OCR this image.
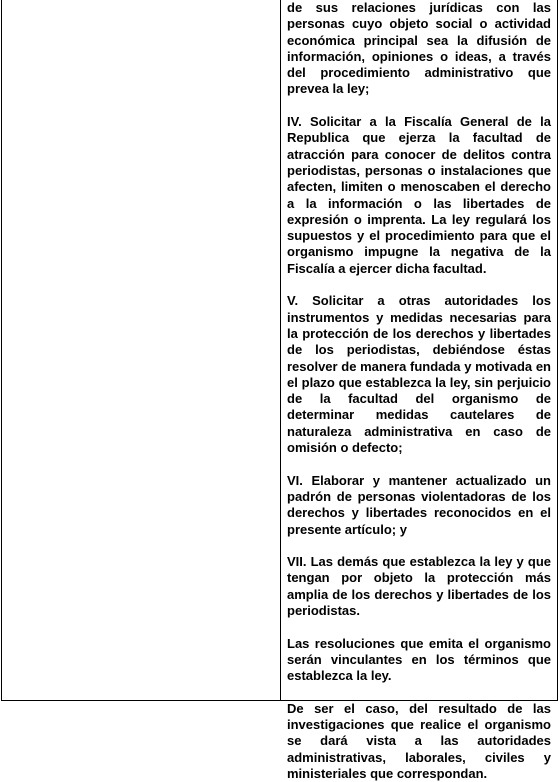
de sus relaciones jurídicas con las personas cuyo objeto social o actividad económica principal sea la difusión de información, opiniones o ideas, a través del procedimiento administrativo que prevea la ley;

IV. Solicitar a la Fiscalía General de la Republica que ejerza la facultad de atracción para conocer de delitos contra periodistas, personas o instalaciones que afecten, limiten o menoscaben el derecho a la información o las libertades de expresión o imprenta. La ley regulará los supuestos y el procedimiento para que el organismo impugne la negativa de la Fiscalía a ejercer dicha facultad.

V. Solicitar a otras autoridades los instrumentos y medidas necesarias para la protección de los derechos y libertades de los periodistas, debiéndose éstas resolver de manera fundada y motivada en el plazo que establezca la ley, sin perjuicio de la facultad del organismo de determinar medidas cautelares de naturaleza administrativa en caso de omisión o defecto;

VI. Elaborar y mantener actualizado un padrón de personas violentadoras de los derechos y libertades reconocidos en el presente artículo; y

VII. Las demás que establezca la ley y que tengan por objeto la protección más amplia de los derechos y libertades de los periodistas.

Las resoluciones que emita el organismo serán vinculantes en los términos que establezca la ley.

De ser el caso, del resultado de las investigaciones que realice el organismo se dará vista a las autoridades administrativas, laborales, civiles y ministeriales que correspondan.
